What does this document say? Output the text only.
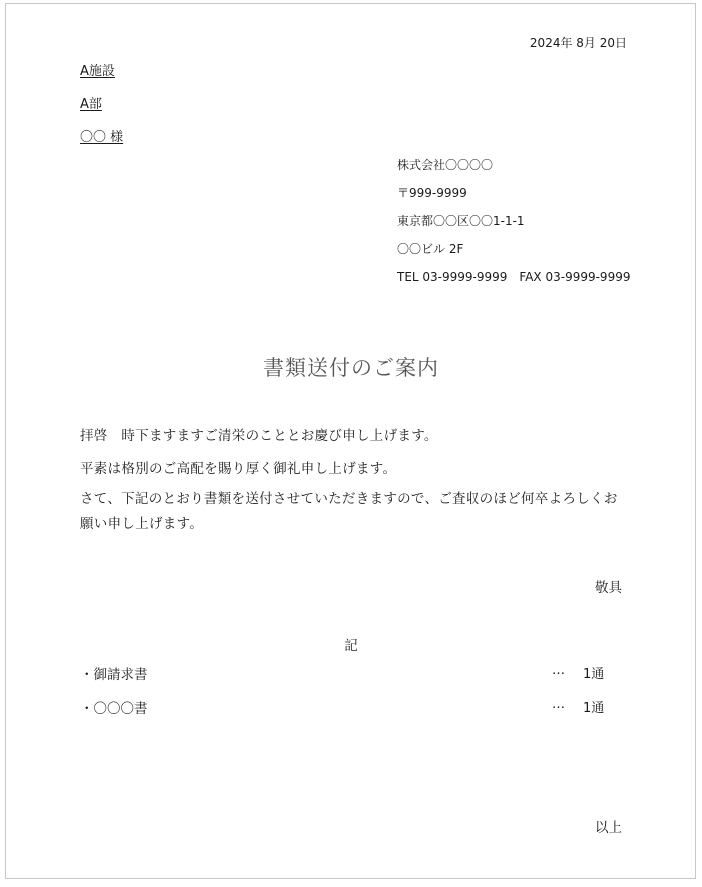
2024年 8月 20日
A施設
A部
〇〇 様
株式会社〇〇〇〇
〒999-9999
東京都〇〇区〇〇1-1-1
〇〇ビル 2F
TEL 03-9999-9999　FAX 03-9999-9999
書類送付のご案内
拝啓　時下ますますご清栄のこととお慶び申し上げます。
平素は格別のご高配を賜り厚く御礼申し上げます。
さて、下記のとおり書類を送付させていただきますので、ご査収のほど何卒よろしくお願い申し上げます。
敬具
記
・御請求書	… 1通
・〇〇〇書	… 1通
以上
